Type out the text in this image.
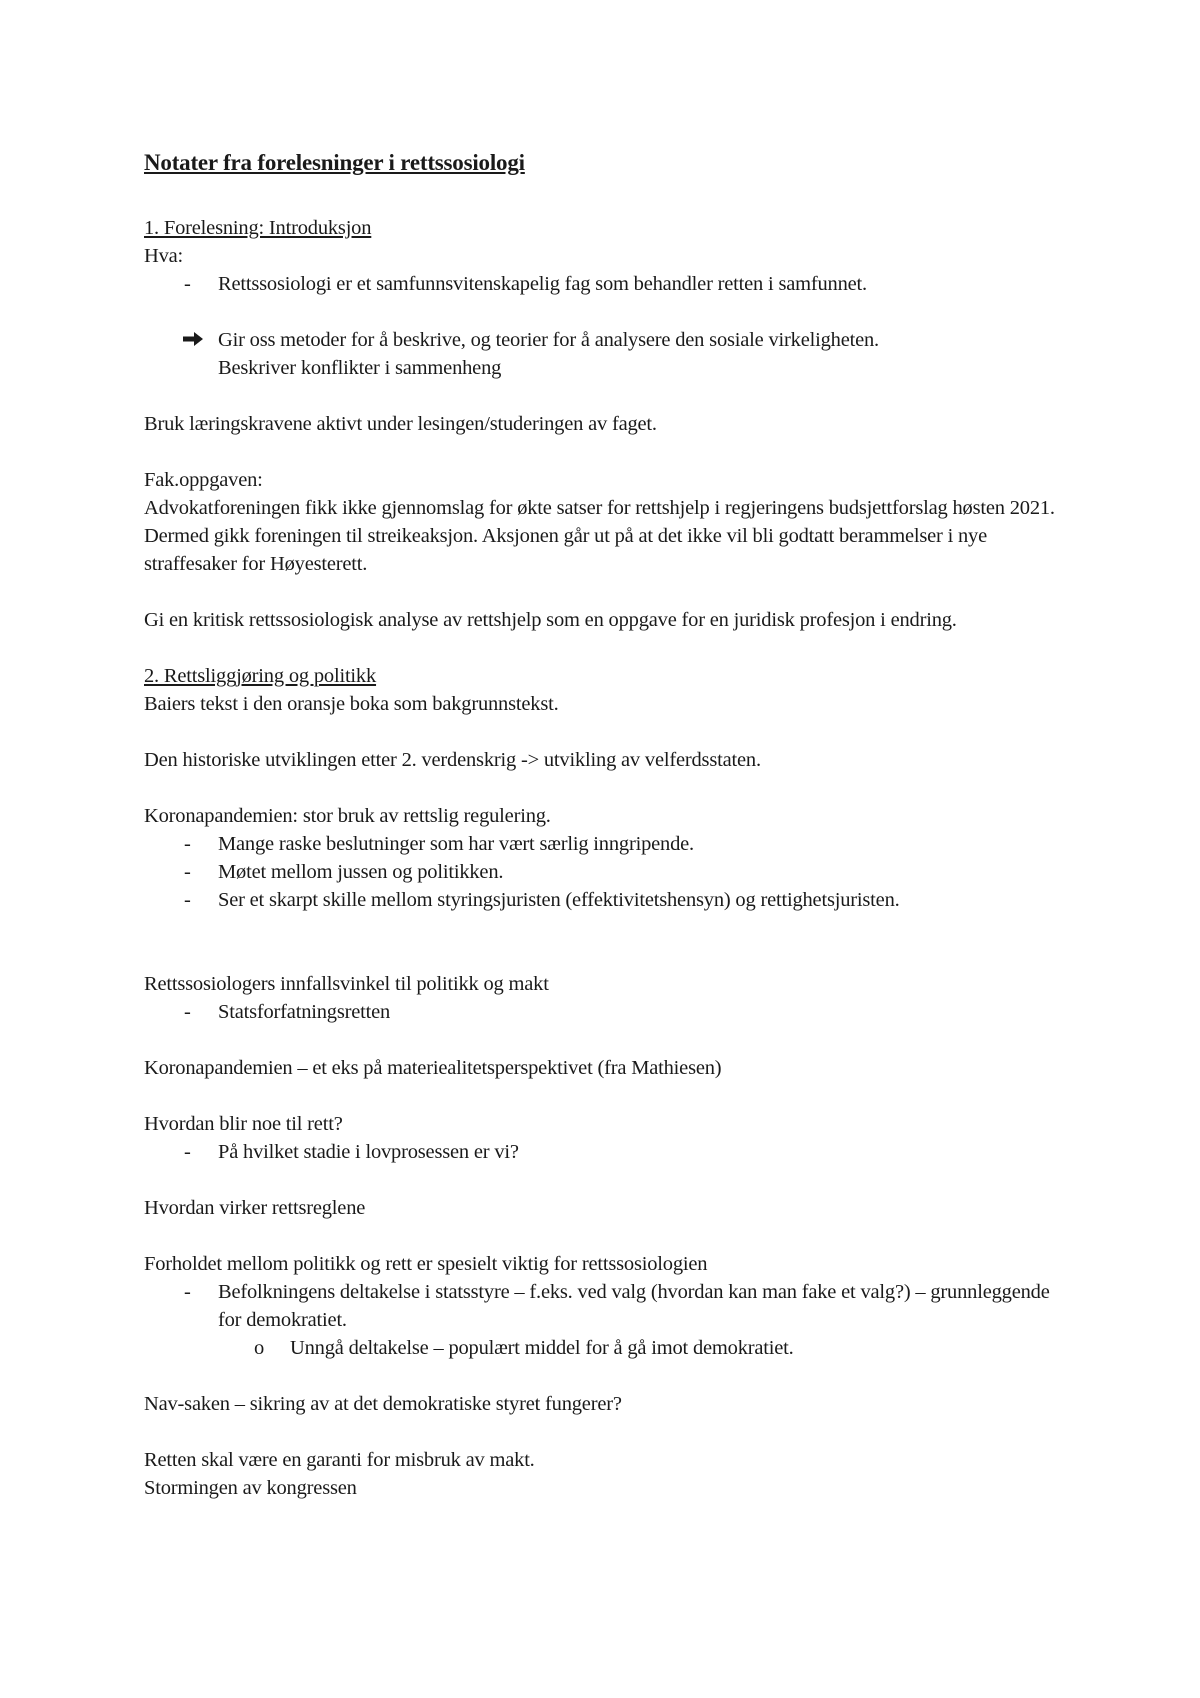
Notater fra forelesninger i rettssosiologi

1. Forelesning: Introduksjon

Hva:

- Rettssosiologi er et samfunnsvitenskapelig fag som behandler retten i samfunnet.

Gir oss metoder for å beskrive, og teorier for å analysere den sosiale virkeligheten.

Beskriver konflikter i sammenheng

Bruk læringskravene aktivt under lesingen/studeringen av faget.

Fak.oppgaven:

Advokatforeningen fikk ikke gjennomslag for økte satser for rettshjelp i regjeringens budsjettforslag høsten 2021. Dermed gikk foreningen til streikeaksjon. Aksjonen går ut på at det ikke vil bli godtatt berammelser i nye straffesaker for Høyesterett.

Gi en kritisk rettssosiologisk analyse av rettshjelp som en oppgave for en juridisk profesjon i endring.

2. Rettsliggjøring og politikk

Baiers tekst i den oransje boka som bakgrunnstekst.

Den historiske utviklingen etter 2. verdenskrig -> utvikling av velferdsstaten.

Koronapandemien: stor bruk av rettslig regulering.

- Mange raske beslutninger som har vært særlig inngripende.
- Møtet mellom jussen og politikken.
- Ser et skarpt skille mellom styringsjuristen (effektivitetshensyn) og rettighetsjuristen.

Rettssosiologers innfallsvinkel til politikk og makt

- Statsforfatningsretten

Koronapandemien – et eks på materiealitetsperspektivet (fra Mathiesen)

Hvordan blir noe til rett?

- På hvilket stadie i lovprosessen er vi?

Hvordan virker rettsreglene

Forholdet mellom politikk og rett er spesielt viktig for rettssosiologien

- Befolkningens deltakelse i statsstyre – f.eks. ved valg (hvordan kan man fake et valg?) – grunnleggende for demokratiet.
o Unngå deltakelse – populært middel for å gå imot demokratiet.

Nav-saken – sikring av at det demokratiske styret fungerer?

Retten skal være en garanti for misbruk av makt.

Stormingen av kongressen
